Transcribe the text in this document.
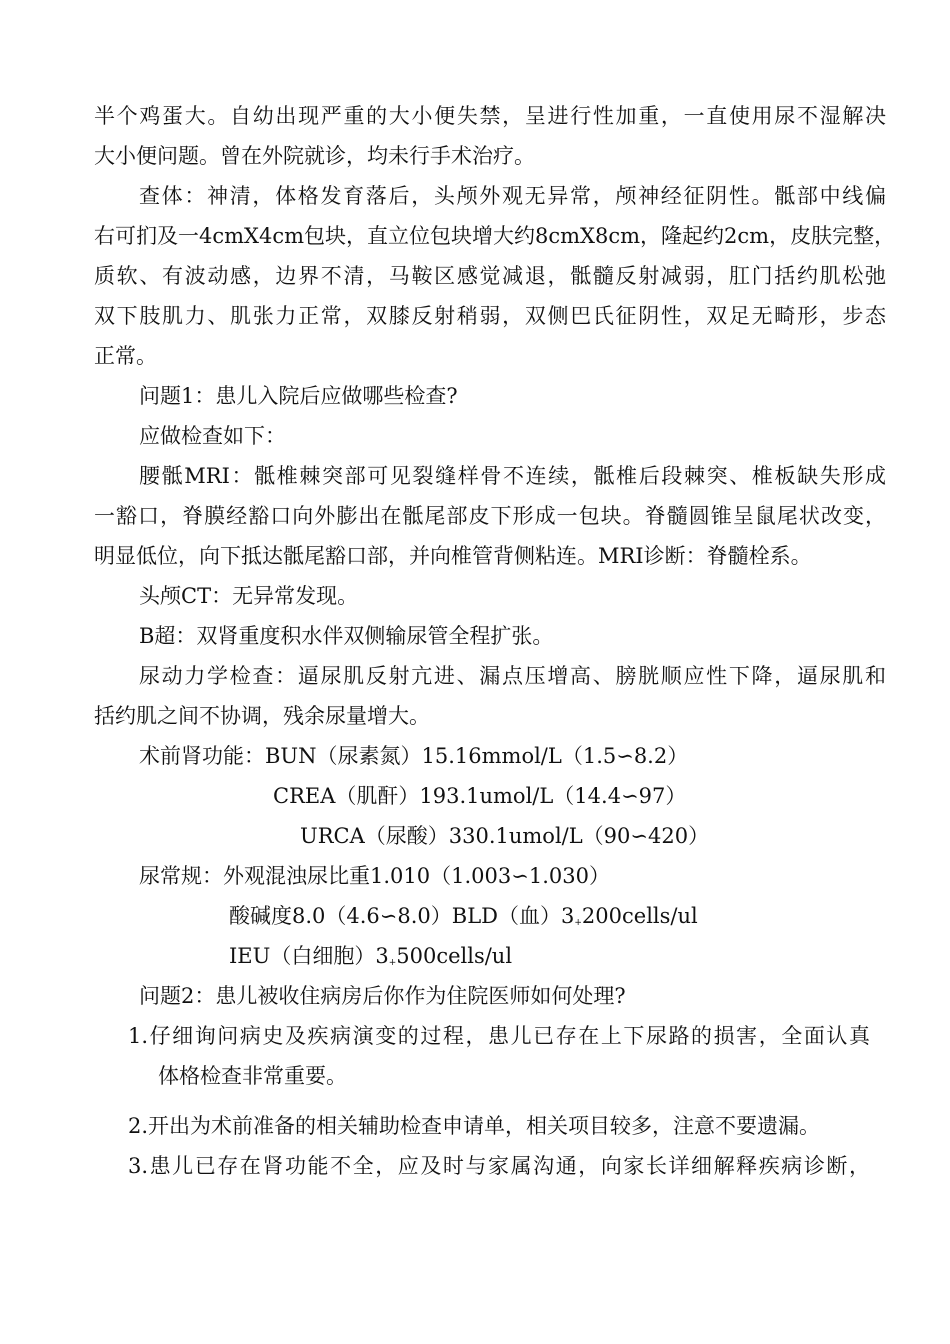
半个鸡蛋大。自幼出现严重的大小便失禁，呈进行性加重，一直使用尿不湿解决
大小便问题。曾在外院就诊，均未行手术治疗。
查体：神清，体格发育落后，头颅外观无异常，颅神经征阴性。骶部中线偏
右可扪及一4cmX4cm包块，直立位包块增大约8cmX8cm，隆起约2cm，皮肤完整，
质软、有波动感，边界不清，马鞍区感觉减退，骶髓反射减弱，肛门括约肌松弛
双下肢肌力、肌张力正常，双膝反射稍弱，双侧巴氏征阴性，双足无畸形，步态
正常。
问题1：患儿入院后应做哪些检查?
应做检查如下：
腰骶MRI：骶椎棘突部可见裂缝样骨不连续，骶椎后段棘突、椎板缺失形成
一豁口，脊膜经豁口向外膨出在骶尾部皮下形成一包块。脊髓圆锥呈鼠尾状改变，
明显低位，向下抵达骶尾豁口部，并向椎管背侧粘连。MRI诊断：脊髓栓系。
头颅CT：无异常发现。
B超：双肾重度积水伴双侧输尿管全程扩张。
尿动力学检查：逼尿肌反射亢进、漏点压增高、膀胱顺应性下降，逼尿肌和
括约肌之间不协调，残余尿量增大。
术前肾功能：BUN（尿素氮）15.16mmol/L（1.5∽8.2）
CREA（肌酐）193.1umol/L（14.4∽97）
URCA（尿酸）330.1umol/L（90∽420）
尿常规：外观混浊尿比重1.010（1.003∽1.030）
酸碱度8.0（4.6∽8.0）BLD（血）$3_+200cells/ul$
IEU（白细胞）$3_+500cells/ul$
问题2：患儿被收住病房后你作为住院医师如何处理?
1.仔细询问病史及疾病演变的过程，患儿已存在上下尿路的损害，全面认真
体格检查非常重要。
2.开出为术前准备的相关辅助检查申请单，相关项目较多，注意不要遗漏。
3.患儿已存在肾功能不全，应及时与家属沟通，向家长详细解释疾病诊断，
